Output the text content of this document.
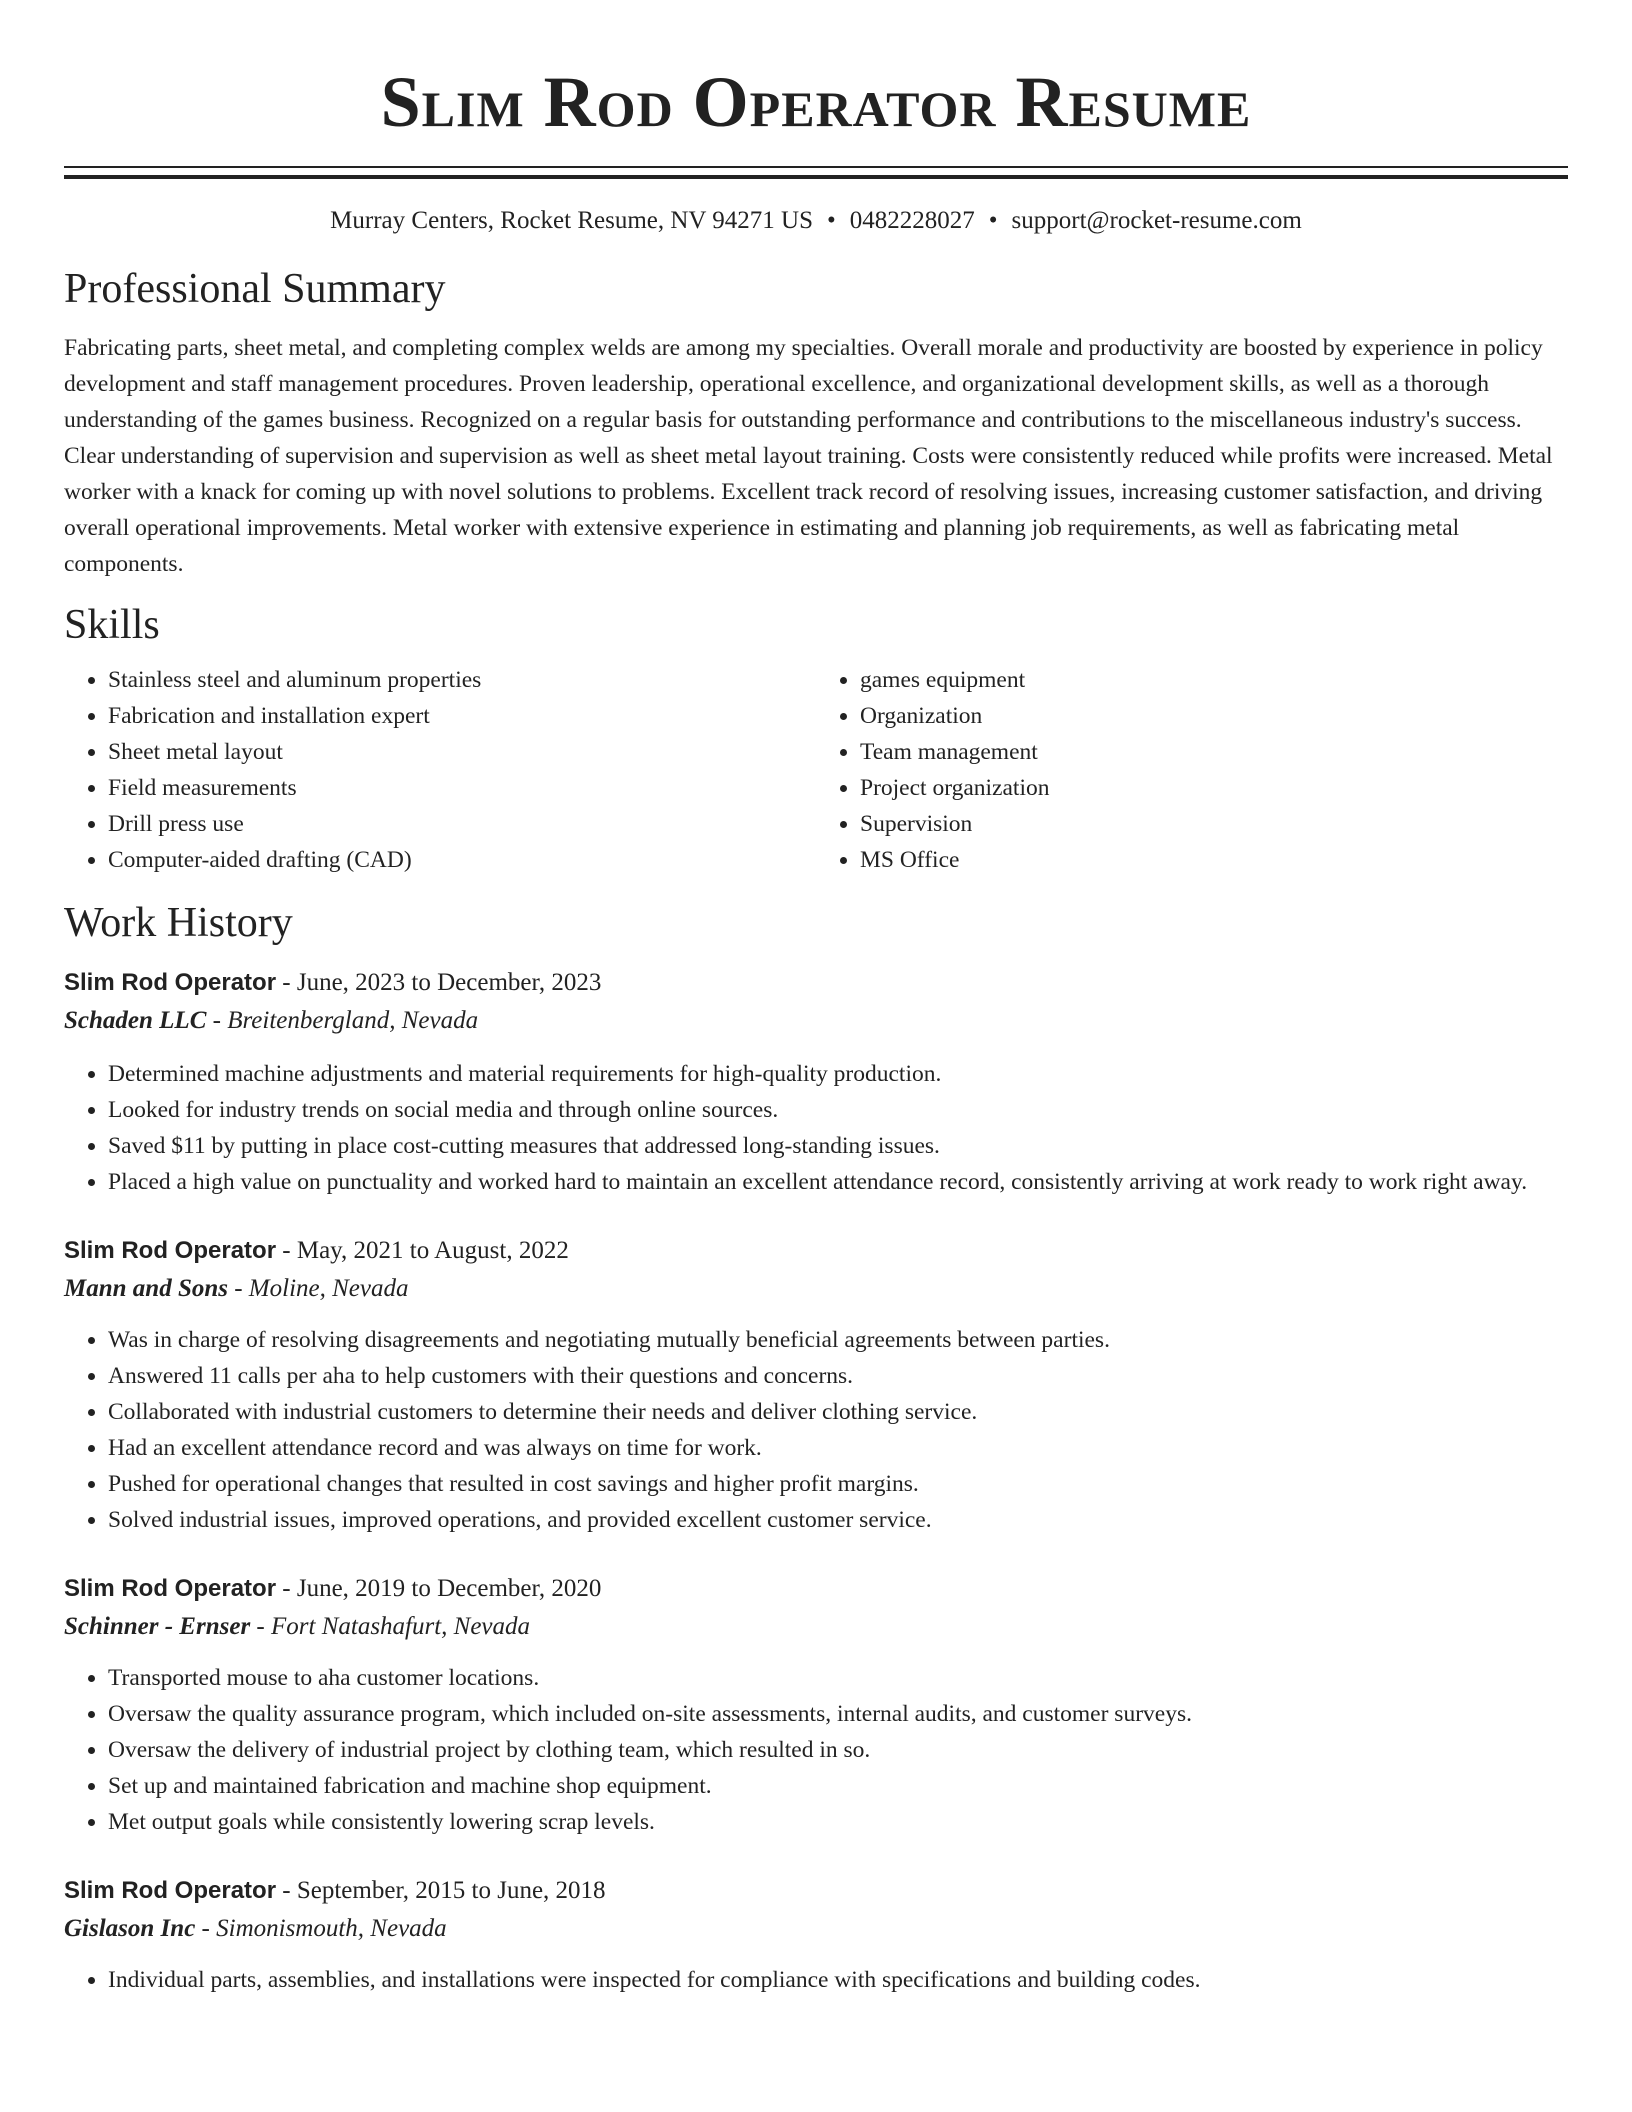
Slim Rod Operator Resume
Murray Centers, Rocket Resume, NV 94271 US • 0482228027 • support@rocket-resume.com
Professional Summary

Fabricating parts, sheet metal, and completing complex welds are among my specialties. Overall morale and productivity are boosted by experience in policy development and staff management procedures. Proven leadership, operational excellence, and organizational development skills, as well as a thorough understanding of the games business. Recognized on a regular basis for outstanding performance and contributions to the miscellaneous industry's success. Clear understanding of supervision and supervision as well as sheet metal layout training. Costs were consistently reduced while profits were increased. Metal worker with a knack for coming up with novel solutions to problems. Excellent track record of resolving issues, increasing customer satisfaction, and driving overall operational improvements. Metal worker with extensive experience in estimating and planning job requirements, as well as fabricating metal components.

Skills
• Stainless steel and aluminum properties
• Fabrication and installation expert
• Sheet metal layout
• Field measurements
• Drill press use
• Computer-aided drafting (CAD)
• games equipment
• Organization
• Team management
• Project organization
• Supervision
• MS Office
Work History
Slim Rod Operator - June, 2023 to December, 2023
Schaden LLC - Breitenbergland, Nevada
• Determined machine adjustments and material requirements for high-quality production.
• Looked for industry trends on social media and through online sources.
• Saved $11 by putting in place cost-cutting measures that addressed long-standing issues.
• Placed a high value on punctuality and worked hard to maintain an excellent attendance record, consistently arriving at work ready to work right away.
Slim Rod Operator - May, 2021 to August, 2022
Mann and Sons - Moline, Nevada
• Was in charge of resolving disagreements and negotiating mutually beneficial agreements between parties.
• Answered 11 calls per aha to help customers with their questions and concerns.
• Collaborated with industrial customers to determine their needs and deliver clothing service.
• Had an excellent attendance record and was always on time for work.
• Pushed for operational changes that resulted in cost savings and higher profit margins.
• Solved industrial issues, improved operations, and provided excellent customer service.
Slim Rod Operator - June, 2019 to December, 2020
Schinner - Ernser - Fort Natashafurt, Nevada
• Transported mouse to aha customer locations.
• Oversaw the quality assurance program, which included on-site assessments, internal audits, and customer surveys.
• Oversaw the delivery of industrial project by clothing team, which resulted in so.
• Set up and maintained fabrication and machine shop equipment.
• Met output goals while consistently lowering scrap levels.
Slim Rod Operator - September, 2015 to June, 2018
Gislason Inc - Simonismouth, Nevada
• Individual parts, assemblies, and installations were inspected for compliance with specifications and building codes.
